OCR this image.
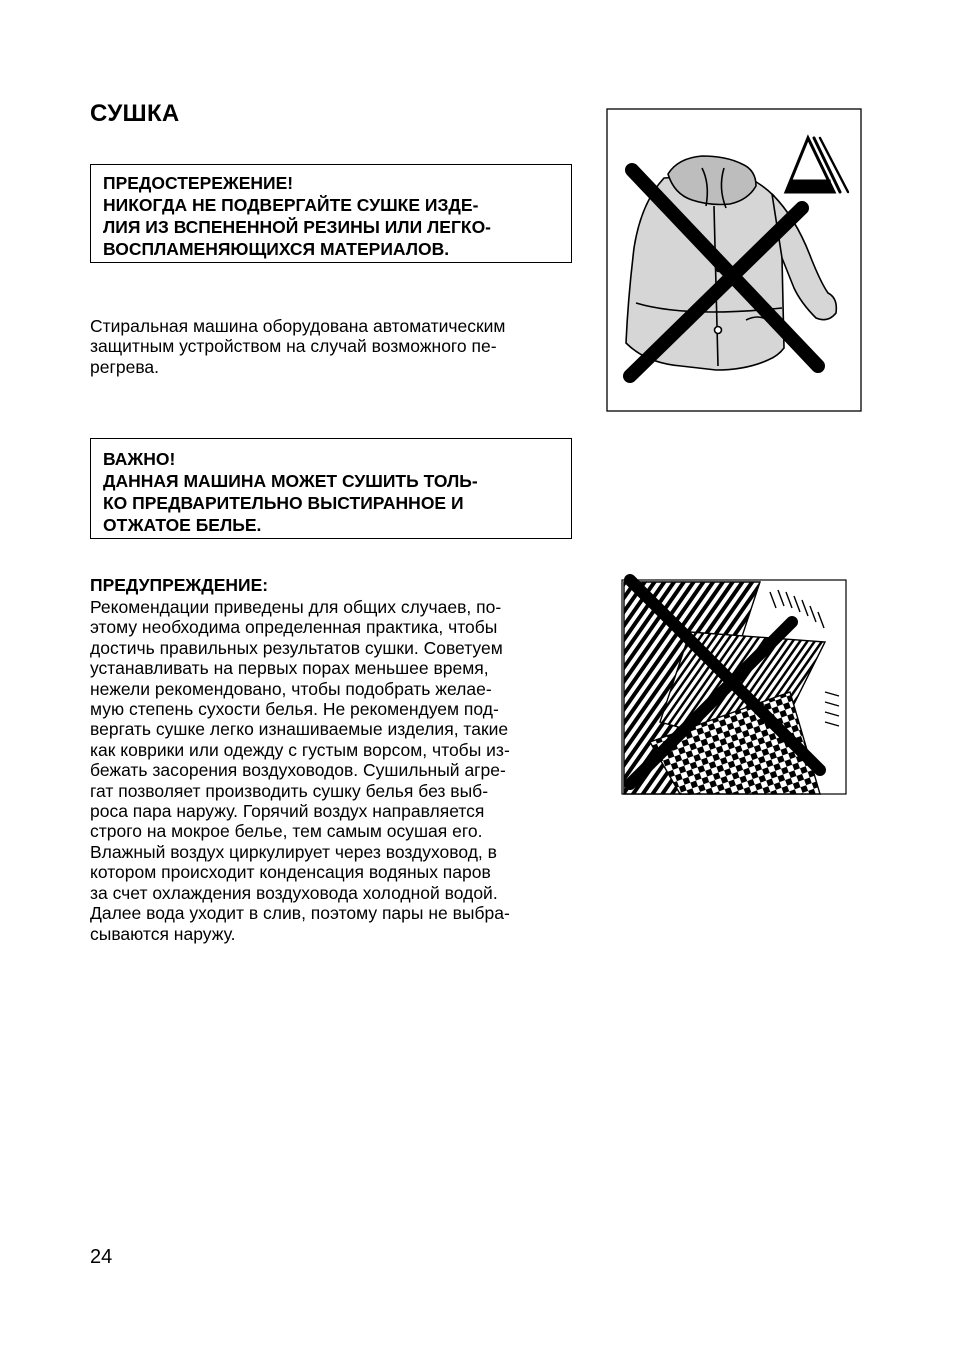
СУШКА
ПРЕДОСТЕРЕЖЕНИЕ!
НИКОГДА НЕ ПОДВЕРГАЙТЕ СУШКЕ ИЗДЕ-
ЛИЯ ИЗ ВСПЕНЕННОЙ РЕЗИНЫ ИЛИ ЛЕГКО-
ВОСПЛАМЕНЯЮЩИХСЯ МАТЕРИАЛОВ.
Стиральная машина оборудована автоматическим
защитным устройством на случай возможного пе-
регрева.
ВАЖНО!
ДАННАЯ МАШИНА МОЖЕТ СУШИТЬ ТОЛЬ-
КО ПРЕДВАРИТЕЛЬНО ВЫСТИРАННОЕ И
ОТЖАТОЕ БЕЛЬЕ.
ПРЕДУПРЕЖДЕНИЕ:
Рекомендации приведены для общих случаев, по-
этому необходима определенная практика, чтобы
достичь правильных результатов сушки. Советуем
устанавливать на первых порах меньшее время,
нежели рекомендовано, чтобы подобрать желае-
мую степень сухости белья. Не рекомендуем под-
вергать сушке легко изнашиваемые изделия, такие
как коврики или одежду с густым ворсом, чтобы из-
бежать засорения воздуховодов. Сушильный агре-
гат позволяет производить сушку белья без выб-
роса пара наружу. Горячий воздух направляется
строго на мокрое белье, тем самым осушая его.
Влажный воздух циркулирует через воздуховод, в
котором происходит конденсация водяных паров
за счет охлаждения воздуховода холодной водой.
Далее вода уходит в слив, поэтому пары не выбра-
сываются наружу.
24
